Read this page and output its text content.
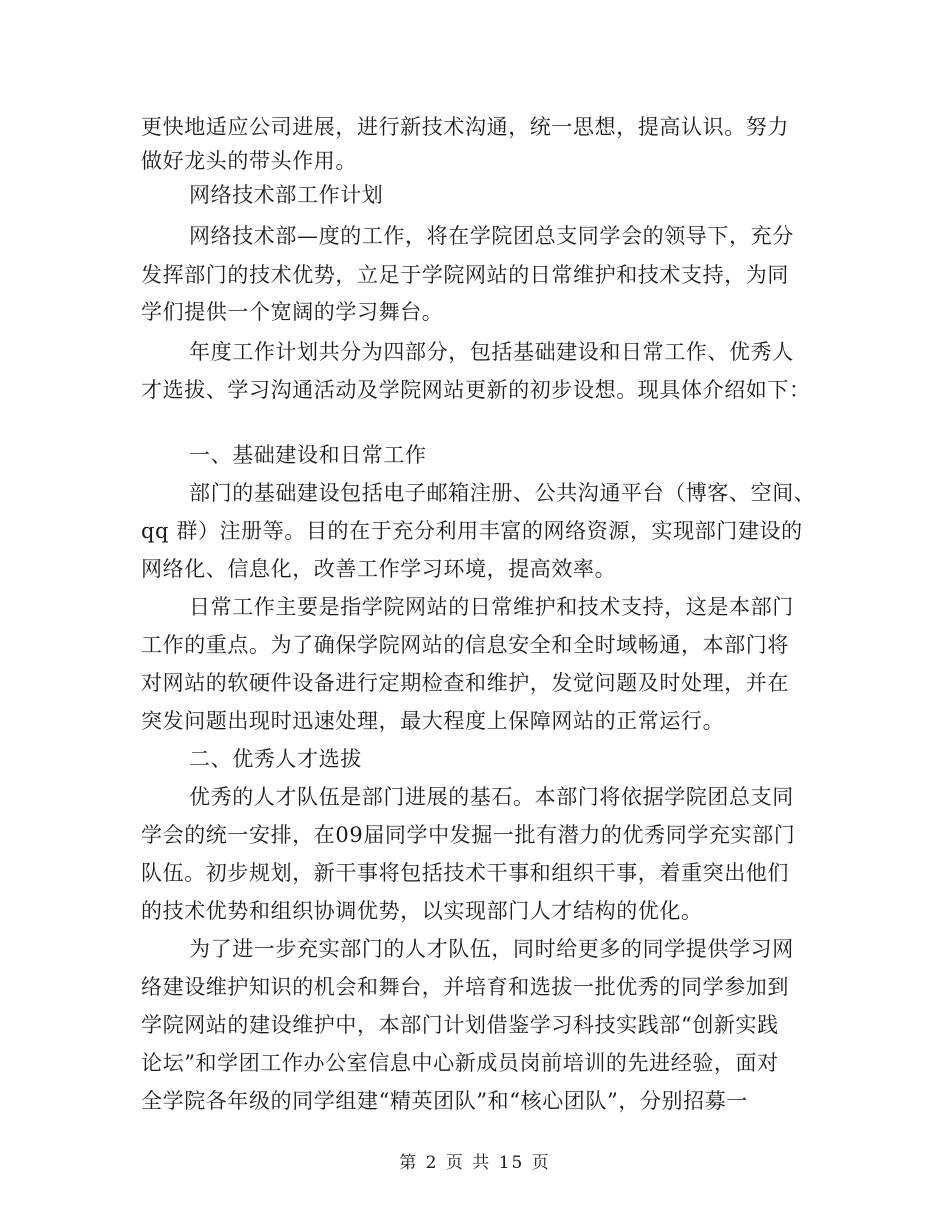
更快地适应公司进展，进行新技术沟通，统一思想，提高认识。努力
做好龙头的带头作用。
网络技术部工作计划
网络技术部—度的工作，将在学院团总支同学会的领导下，充分
发挥部门的技术优势，立足于学院网站的日常维护和技术支持，为同
学们提供一个宽阔的学习舞台。
年度工作计划共分为四部分，包括基础建设和日常工作、优秀人
才选拔、学习沟通活动及学院网站更新的初步设想。现具体介绍如下：
一、基础建设和日常工作
部门的基础建设包括电子邮箱注册、公共沟通平台（博客、空间、
qq 群）注册等。目的在于充分利用丰富的网络资源，实现部门建设的
网络化、信息化，改善工作学习环境，提高效率。
日常工作主要是指学院网站的日常维护和技术支持，这是本部门
工作的重点。为了确保学院网站的信息安全和全时域畅通，本部门将
对网站的软硬件设备进行定期检查和维护，发觉问题及时处理，并在
突发问题出现时迅速处理，最大程度上保障网站的正常运行。
二、优秀人才选拔
优秀的人才队伍是部门进展的基石。本部门将依据学院团总支同
学会的统一安排，在09届同学中发掘一批有潜力的优秀同学充实部门
队伍。初步规划，新干事将包括技术干事和组织干事，着重突出他们
的技术优势和组织协调优势，以实现部门人才结构的优化。
为了进一步充实部门的人才队伍，同时给更多的同学提供学习网
络建设维护知识的机会和舞台，并培育和选拔一批优秀的同学参加到
学院网站的建设维护中，本部门计划借鉴学习科技实践部“创新实践
论坛”和学团工作办公室信息中心新成员岗前培训的先进经验，面对
全学院各年级的同学组建“精英团队”和“核心团队”，分别招募一
第 2 页 共 15 页
